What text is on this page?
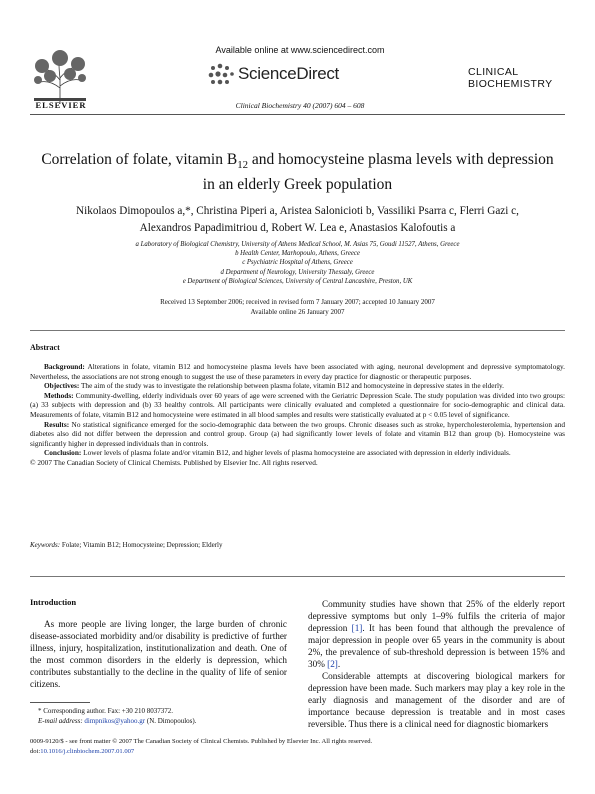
ELSEVIER
Available online at www.sciencedirect.com
ScienceDirect
Clinical Biochemistry 40 (2007) 604 – 608
CLINICAL
BIOCHEMISTRY
Correlation of folate, vitamin $B_{12}$ and homocysteine plasma levels with depression in an elderly Greek population
Nikolaos Dimopoulos a,*, Christina Piperi a, Aristea Salonicioti b, Vassiliki Psarra c, Flerri Gazi c,
Alexandros Papadimitriou d, Robert W. Lea e, Anastasios Kalofoutis a
a Laboratory of Biological Chemistry, University of Athens Medical School, M. Asias 75, Goudi 11527, Athens, Greece
b Health Center, Marhopoulo, Athens, Greece
c Psychiatric Hospital of Athens, Greece
d Department of Neurology, University Thessaly, Greece
e Department of Biological Sciences, University of Central Lancashire, Preston, UK
Received 13 September 2006; received in revised form 7 January 2007; accepted 10 January 2007
Available online 26 January 2007
Abstract

Background: Alterations in folate, vitamin B12 and homocysteine plasma levels have been associated with aging, neuronal development and depressive symptomatology. Nevertheless, the associations are not strong enough to suggest the use of these parameters in every day practice for diagnostic or therapeutic purposes.

Objectives: The aim of the study was to investigate the relationship between plasma folate, vitamin B12 and homocysteine in depressive states in the elderly.

Methods: Community-dwelling, elderly individuals over 60 years of age were screened with the Geriatric Depression Scale. The study population was divided into two groups: (a) 33 subjects with depression and (b) 33 healthy controls. All participants were clinically evaluated and completed a questionnaire for socio-demographic and clinical data. Measurements of folate, vitamin B12 and homocysteine were estimated in all blood samples and results were statistically evaluated at p < 0.05 level of significance.

Results: No statistical significance emerged for the socio-demographic data between the two groups. Chronic diseases such as stroke, hypercholesterolemia, hypertension and diabetes also did not differ between the depression and control group. Group (a) had significantly lower levels of folate and vitamin B12 than group (b). Homocysteine was significantly higher in depressed individuals than in controls.

Conclusion: Lower levels of plasma folate and/or vitamin B12, and higher levels of plasma homocysteine are associated with depression in elderly individuals.

© 2007 The Canadian Society of Clinical Chemists. Published by Elsevier Inc. All rights reserved.

Keywords: Folate; Vitamin B12; Homocysteine; Depression; Elderly
Introduction

As more people are living longer, the large burden of chronic disease-associated morbidity and/or disability is predictive of further illness, injury, hospitalization, institutionalization and death. One of the most common disorders in the elderly is depression, which contributes substantially to the decline in the quality of life of senior citizens.

Community studies have shown that 25% of the elderly report depressive symptoms but only 1–9% fulfils the criteria of major depression [1]. It has been found that although the prevalence of major depression in people over 65 years in the community is about 2%, the prevalence of sub-threshold depression is between 15% and 30% [2].

Considerable attempts at discovering biological markers for depression have been made. Such markers may play a key role in the early diagnosis and management of the disorder and are of importance because depression is treatable and in most cases reversible. Thus there is a clinical need for diagnostic biomarkers

* Corresponding author. Fax: +30 210 8037372.
E-mail address: dimpnikos@yahoo.gr (N. Dimopoulos).
0009-9120/$ - see front matter © 2007 The Canadian Society of Clinical Chemists. Published by Elsevier Inc. All rights reserved.
doi:10.1016/j.clinbiochem.2007.01.007
